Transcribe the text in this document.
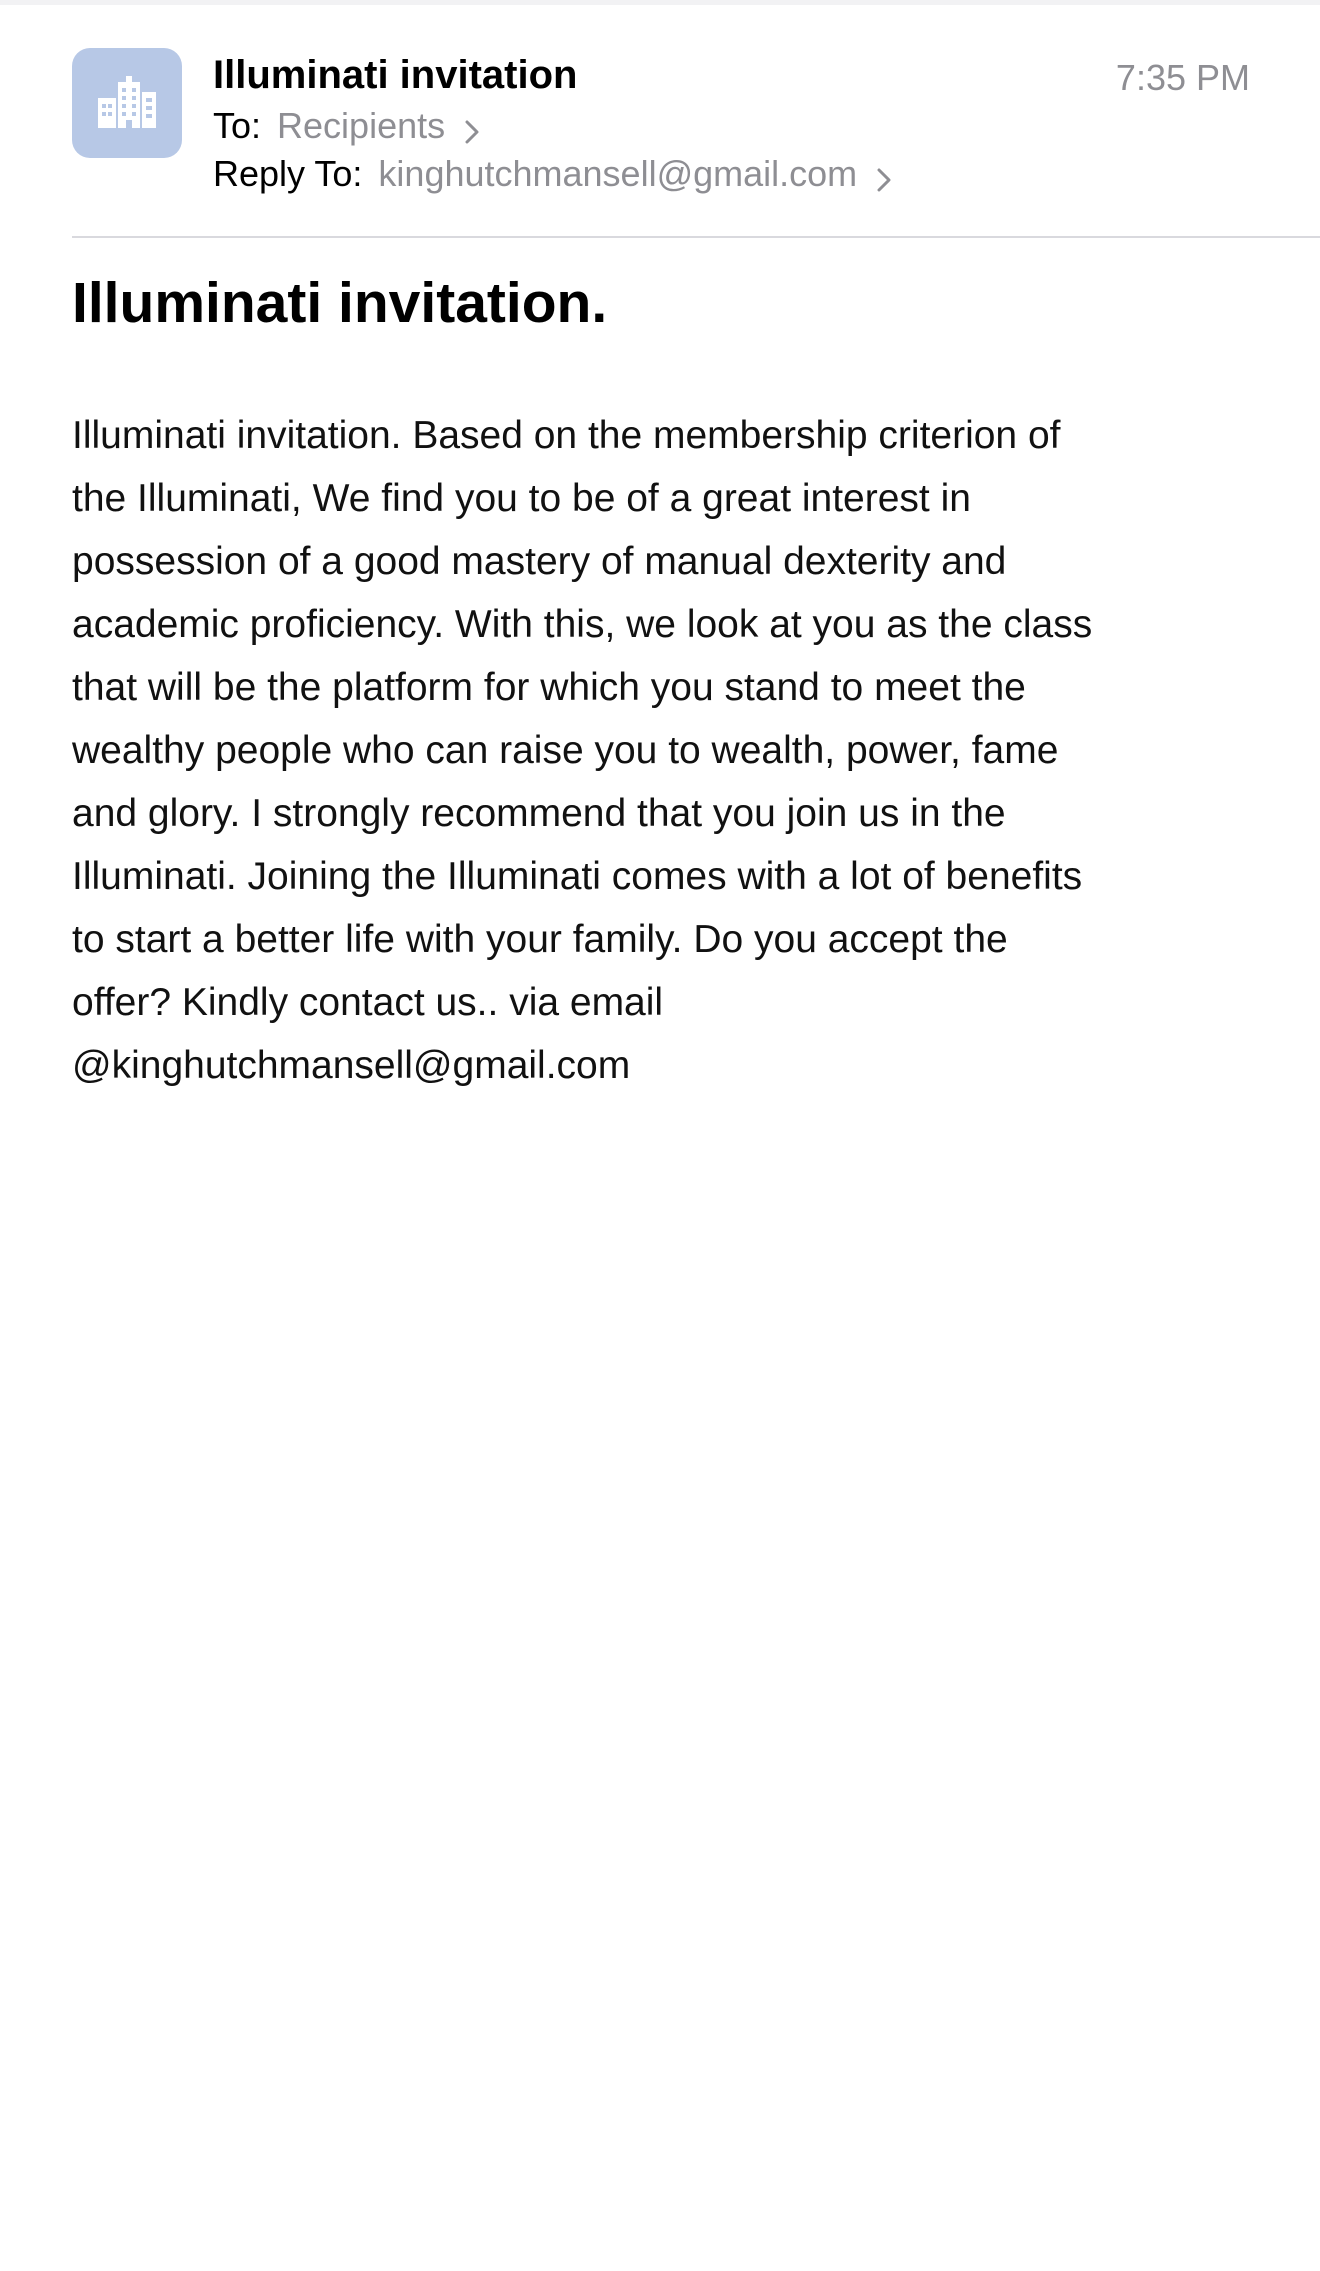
Illuminati invitation
To: Recipients
Reply To: kinghutchmansell@gmail.com
7:35 PM
Illuminati invitation.
Illuminati invitation. Based on the membership criterion of
the Illuminati, We find you to be of a great interest in
possession of a good mastery of manual dexterity and
academic proficiency. With this, we look at you as the class
that will be the platform for which you stand to meet the
wealthy people who can raise you to wealth, power, fame
and glory. I strongly recommend that you join us in the
Illuminati. Joining the Illuminati comes with a lot of benefits
to start a better life with your family. Do you accept the
offer? Kindly contact us.. via email
@kinghutchmansell@gmail.com
